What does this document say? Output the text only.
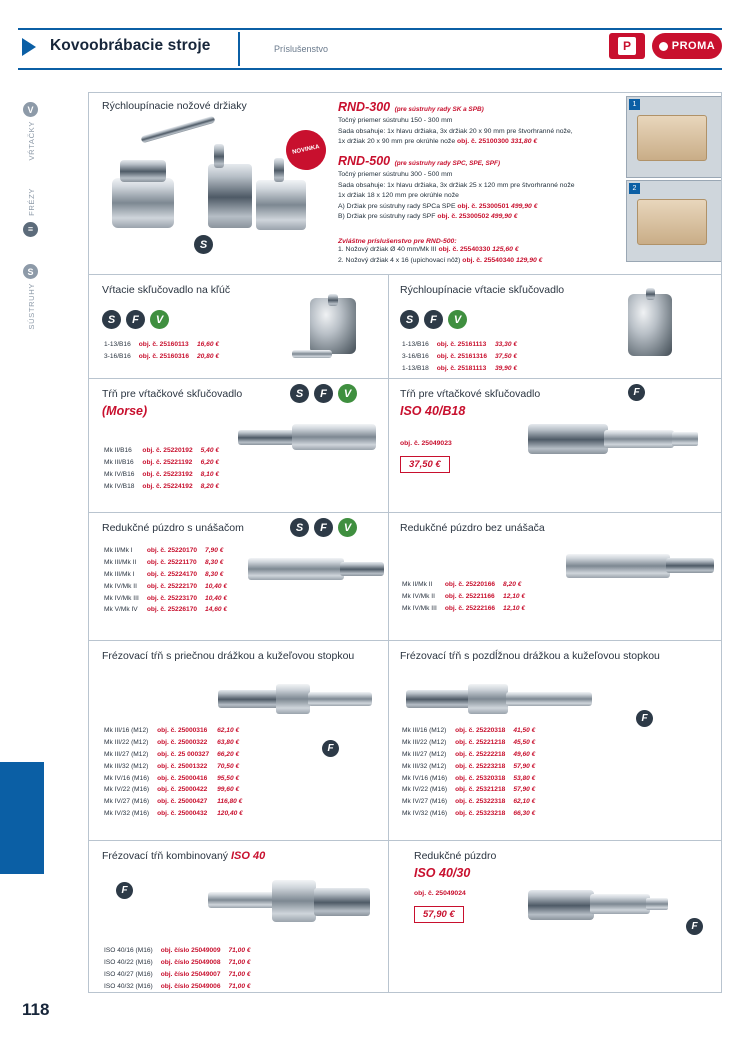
Kovoobrábacie stroje	Príslušenstvo	P	PROMA
V
VŔTAČKY
FRÉZY
≡
S
SÚSTRUHY
118
Rýchloupínacie nožové držiaky
S
NOVINKA
RND-300 (pre sústruhy rady SK a SPB)
Točný priemer sústruhu 150 - 300 mm
Sada obsahuje: 1x hlavu držiaka, 3x držiak 20 x 90 mm pre štvorhranné nože,
1x držiak 20 x 90 mm pre okrúhle nože obj. č. 25100300 331,80 €
RND-500 (pre sústruhy rady SPC, SPE, SPF)
Točný priemer sústruhu 300 - 500 mm
Sada obsahuje: 1x hlavu držiaka, 3x držiak 25 x 120 mm pre štvorhranné nože
1x držiak 18 x 120 mm pre okrúhle nože
A) Držiak pre sústruhy rady SPCa SPE obj. č. 25300501 499,90 €
B) Držiak pre sústruhy rady SPF obj. č. 25300502 499,90 €
Zvláštne príslušenstvo pre RND-500:
1. Nožový držiak Ø 40 mm/Mk III obj. č. 25540330 125,60 €
2. Nožový držiak 4 x 16 (upichovací nôž) obj. č. 25540340 129,90 €
1
2
Vŕtacie skľučovadlo na kľúč
S	F	V
1-13/B16	obj. č. 25160113	16,60 €
3-16/B16	obj. č. 25160316	20,80 €
Rýchloupínacie vŕtacie skľučovadlo
S	F	V
1-13/B16	obj. č. 25161113	33,30 €
3-16/B16	obj. č. 25161316	37,50 €
1-13/B18	obj. č. 25181113	39,90 €
Tŕň pre vŕtačkové skľučovadlo
(Morse)
S	F	V
Mk II/B16	obj. č. 25220192	5,40 €
Mk III/B16	obj. č. 25221192	6,20 €
Mk IV/B16	obj. č. 25223192	8,10 €
Mk IV/B18	obj. č. 25224192	8,20 €
Tŕň pre vŕtačkové skľučovadlo
ISO 40/B18
F
obj. č. 25049023
37,50 €
Redukčné púzdro s unášačom	S	F	V
Mk II/Mk I	obj. č. 25220170	7,90 €
Mk III/Mk II	obj. č. 25221170	8,30 €
Mk III/Mk I	obj. č. 25224170	8,30 €
Mk IV/Mk II	obj. č. 25222170	10,40 €
Mk IV/Mk III	obj. č. 25223170	10,40 €
Mk V/Mk IV	obj. č. 25226170	14,60 €
Redukčné púzdro bez unášača
Mk II/Mk II	obj. č. 25220166	8,20 €
Mk IV/Mk II	obj. č. 25221166	12,10 €
Mk IV/Mk III	obj. č. 25222166	12,10 €
Frézovací tŕň s priečnou drážkou a kužeľovou stopkou
F
Mk III/16 (M12)	obj. č. 25000316	62,10 €
Mk III/22 (M12)	obj. č. 25000322	63,80 €
Mk III/27 (M12)	obj. č. 25 000327	66,20 €
Mk III/32 (M12)	obj. č. 25001322	70,50 €
Mk IV/16 (M16)	obj. č. 25000416	95,50 €
Mk IV/22 (M16)	obj. č. 25000422	99,60 €
Mk IV/27 (M16)	obj. č. 25000427	116,80 €
Mk IV/32 (M16)	obj. č. 25000432	120,40 €
Frézovací tŕň s pozdĺžnou drážkou a kužeľovou stopkou
F
Mk III/16 (M12)	obj. č. 25220318	41,50 €
Mk III/22 (M12)	obj. č. 25221218	45,50 €
Mk III/27 (M12)	obj. č. 25222218	49,60 €
Mk III/32 (M12)	obj. č. 25223218	57,90 €
Mk IV/16 (M16)	obj. č. 25320318	53,80 €
Mk IV/22 (M16)	obj. č. 25321218	57,90 €
Mk IV/27 (M16)	obj. č. 25322318	62,10 €
Mk IV/32 (M16)	obj. č. 25323218	66,30 €
Frézovací tŕň kombinovaný ISO 40
F
ISO 40/16 (M16)	obj. číslo 25049009	71,00 €
ISO 40/22 (M16)	obj. číslo 25049008	71,00 €
ISO 40/27 (M16)	obj. číslo 25049007	71,00 €
ISO 40/32 (M16)	obj. číslo 25049006	71,00 €
Redukčné púzdro
ISO 40/30
obj. č. 25049024
57,90 €
F
